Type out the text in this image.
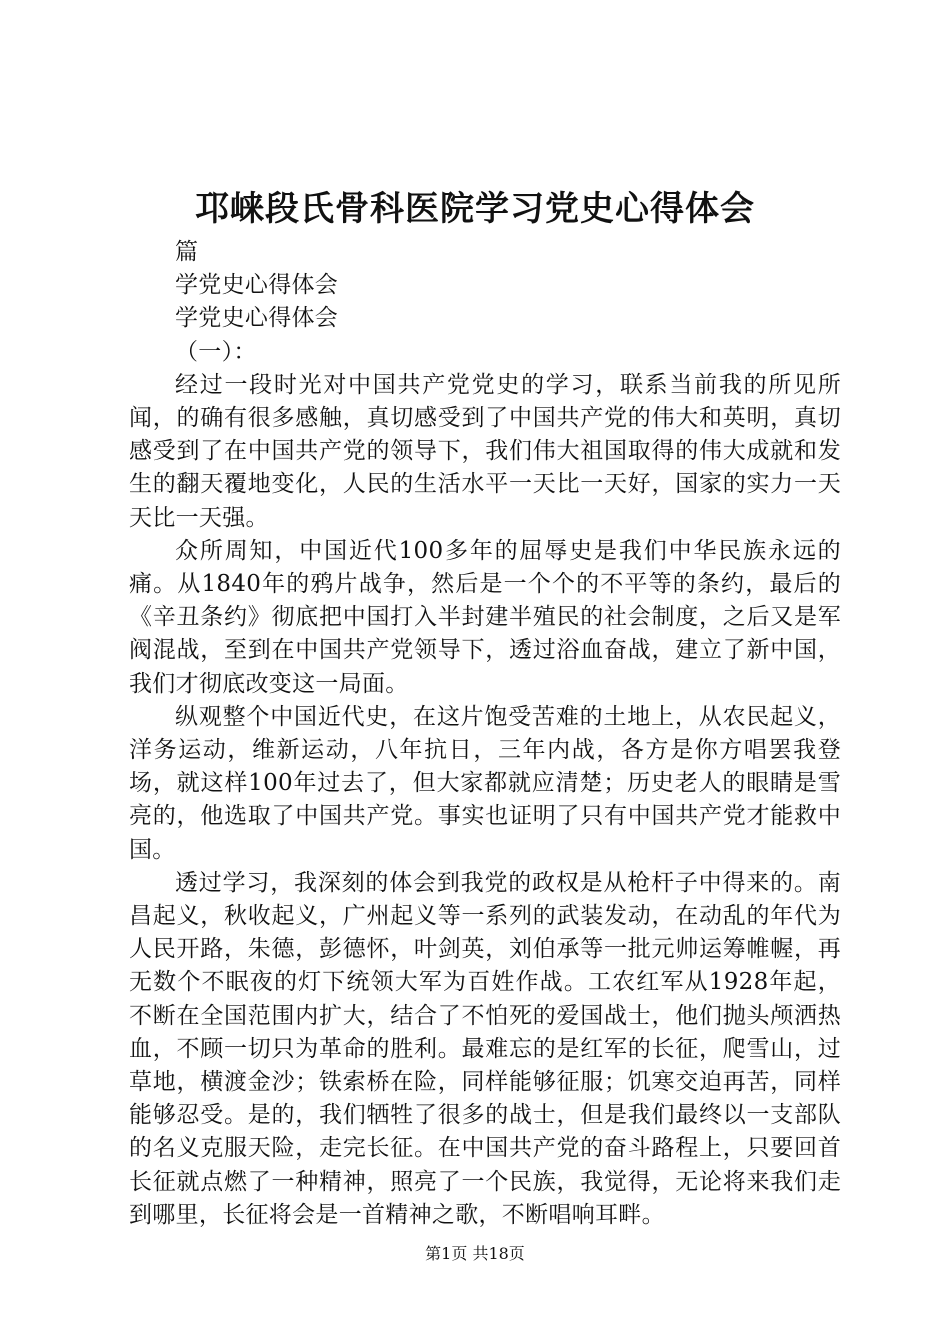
邛崃段氏骨科医院学习党史心得体会

篇

学党史心得体会

学党史心得体会

（一）：

经过一段时光对中国共产党党史的学习，联系当前我的所见所闻，的确有很多感触，真切感受到了中国共产党的伟大和英明，真切感受到了在中国共产党的领导下，我们伟大祖国取得的伟大成就和发生的翻天覆地变化，人民的生活水平一天比一天好，国家的实力一天天比一天强。

众所周知，中国近代100多年的屈辱史是我们中华民族永远的痛。从1840年的鸦片战争，然后是一个个的不平等的条约，最后的《辛丑条约》彻底把中国打入半封建半殖民的社会制度，之后又是军阀混战，至到在中国共产党领导下，透过浴血奋战，建立了新中国，我们才彻底改变这一局面。

纵观整个中国近代史，在这片饱受苦难的土地上，从农民起义，洋务运动，维新运动，八年抗日，三年内战，各方是你方唱罢我登场，就这样100年过去了，但大家都就应清楚；历史老人的眼睛是雪亮的，他选取了中国共产党。事实也证明了只有中国共产党才能救中国。

透过学习，我深刻的体会到我党的政权是从枪杆子中得来的。南昌起义，秋收起义，广州起义等一系列的武装发动，在动乱的年代为人民开路，朱德，彭德怀，叶剑英，刘伯承等一批元帅运筹帷幄，再无数个不眠夜的灯下统领大军为百姓作战。工农红军从1928年起，不断在全国范围内扩大，结合了不怕死的爱国战士，他们抛头颅洒热血，不顾一切只为革命的胜利。最难忘的是红军的长征，爬雪山，过草地，横渡金沙；铁索桥在险，同样能够征服；饥寒交迫再苦，同样能够忍受。是的，我们牺牲了很多的战士，但是我们最终以一支部队的名义克服天险，走完长征。在中国共产党的奋斗路程上，只要回首长征就点燃了一种精神，照亮了一个民族，我觉得，无论将来我们走到哪里，长征将会是一首精神之歌，不断唱响耳畔。

第1页 共18页
